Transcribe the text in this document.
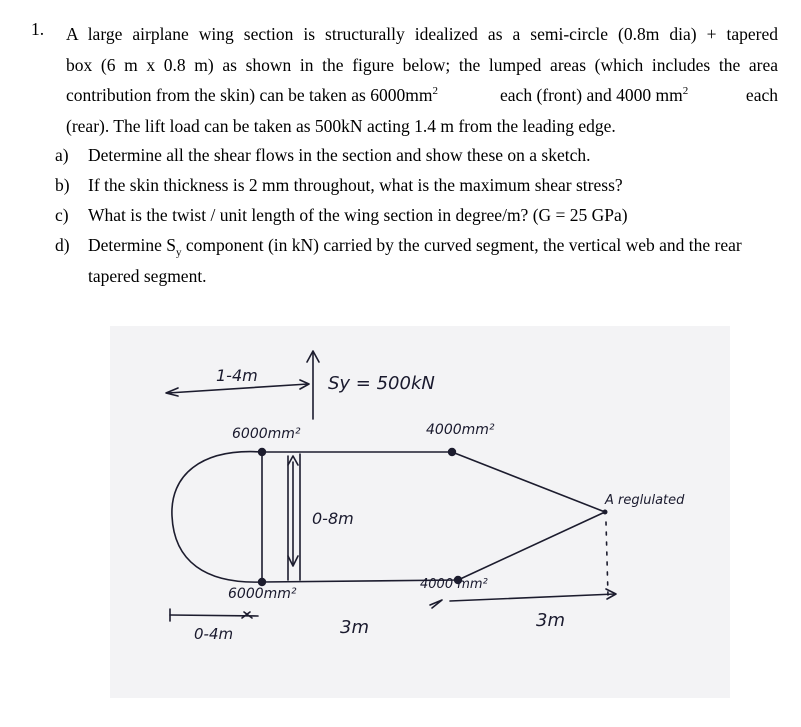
1. A large airplane wing section is structurally idealized as a semi-circle (0.8m dia) + tapered
box (6 m x 0.8 m) as shown in the figure below; the lumped areas (which includes the area
contribution from the skin) can be taken as $6000mm^2$	each (front) and 4000 $mm^2$	each
(rear). The lift load can be taken as 500kN acting 1.4 m from the leading edge.

a) Determine all the shear flows in the section and show these on a sketch.
b) If the skin thickness is 2 mm throughout, what is the maximum shear stress?
c) What is the twist / unit length of the wing section in degree/m? (G = 25 GPa)
d) Determine $S_y$ component (in kN) carried by the curved segment, the vertical web and the rear tapered segment.
1-4m	Sy = 500kN
6000mm²	4000mm²
0-8m
A reglulated
6000mm²
4000 mm²
0-4m	3m	3m
